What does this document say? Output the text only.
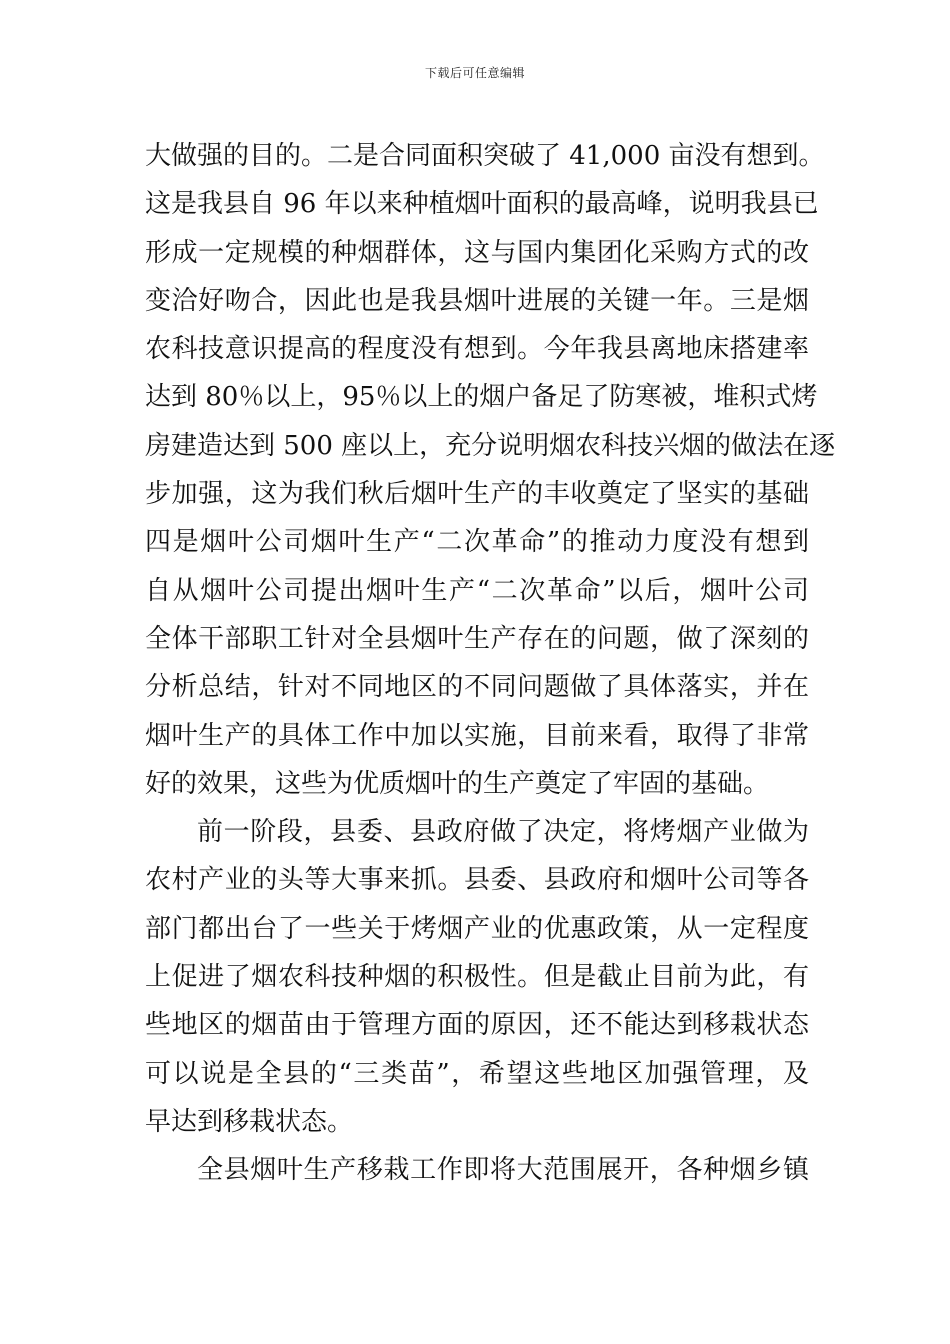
下载后可任意编辑
大做强的目的。二是合同面积突破了 41,000 亩没有想到。
这是我县自 96 年以来种植烟叶面积的最高峰，说明我县已
形成一定规模的种烟群体，这与国内集团化采购方式的改
变洽好吻合，因此也是我县烟叶进展的关键一年。三是烟
农科技意识提高的程度没有想到。今年我县离地床搭建率
达到 80％以上，95％以上的烟户备足了防寒被，堆积式烤
房建造达到 500 座以上，充分说明烟农科技兴烟的做法在逐
步加强，这为我们秋后烟叶生产的丰收奠定了坚实的基础
四是烟叶公司烟叶生产“二次革命”的推动力度没有想到
自从烟叶公司提出烟叶生产“二次革命”以后，烟叶公司
全体干部职工针对全县烟叶生产存在的问题，做了深刻的
分析总结，针对不同地区的不同问题做了具体落实，并在
烟叶生产的具体工作中加以实施，目前来看，取得了非常
好的效果，这些为优质烟叶的生产奠定了牢固的基础。
前一阶段，县委、县政府做了决定，将烤烟产业做为
农村产业的头等大事来抓。县委、县政府和烟叶公司等各
部门都出台了一些关于烤烟产业的优惠政策，从一定程度
上促进了烟农科技种烟的积极性。但是截止目前为此，有
些地区的烟苗由于管理方面的原因，还不能达到移栽状态
可以说是全县的“三类苗”，希望这些地区加强管理，及
早达到移栽状态。
全县烟叶生产移栽工作即将大范围展开，各种烟乡镇
